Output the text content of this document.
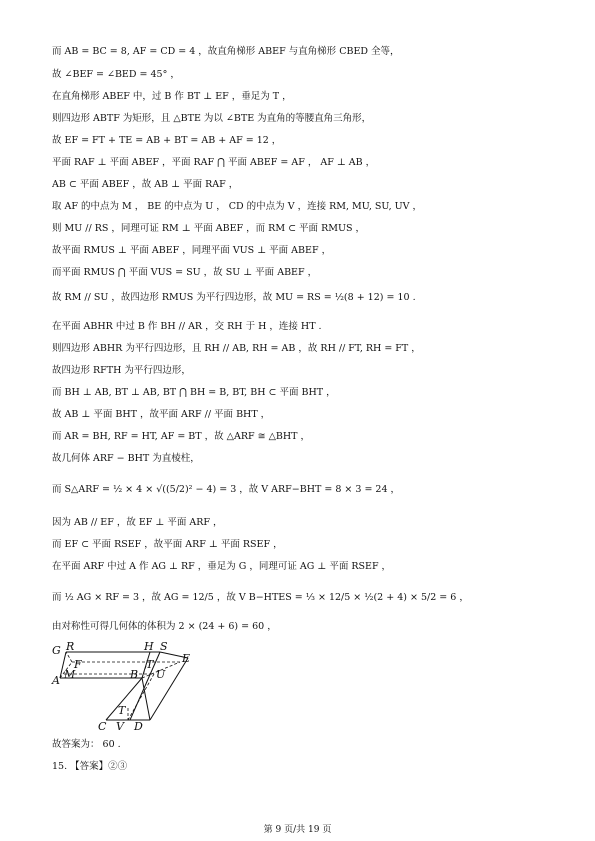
而 AB = BC = 8, AF = CD = 4 ，故直角梯形 ABEF 与直角梯形 CBED 全等，
故 ∠BEF = ∠BED = 45° ，
在直角梯形 ABEF 中，过 B 作 BT ⊥ EF ，垂足为 T ，
则四边形 ABTF 为矩形，且 △BTE 为以 ∠BTE 为直角的等腰直角三角形，
故 EF = FT + TE = AB + BT = AB + AF = 12 ，
平面 RAF ⊥ 平面 ABEF ，平面 RAF ⋂ 平面 ABEF = AF ， AF ⊥ AB ，
AB ⊂ 平面 ABEF ，故 AB ⊥ 平面 RAF ，
取 AF 的中点为 M ， BE 的中点为 U ， CD 的中点为 V ，连接 RM, MU, SU, UV ，
则 MU // RS ，同理可证 RM ⊥ 平面 ABEF ，而 RM ⊂ 平面 RMUS ，
故平面 RMUS ⊥ 平面 ABEF ，同理平面 VUS ⊥ 平面 ABEF ，
而平面 RMUS ⋂ 平面 VUS = SU ，故 SU ⊥ 平面 ABEF ，
故 RM // SU ，故四边形 RMUS 为平行四边形，故 MU = RS = ½(8 + 12) = 10 .
在平面 ABHR 中过 B 作 BH // AR ，交 RH 于 H ，连接 HT .
则四边形 ABHR 为平行四边形，且 RH // AB, RH = AB ，故 RH // FT, RH = FT ，
故四边形 RFTH 为平行四边形，
而 BH ⊥ AB, BT ⊥ AB, BT ⋂ BH = B, BT, BH ⊂ 平面 BHT ，
故 AB ⊥ 平面 BHT ，故平面 ARF // 平面 BHT ，
而 AR = BH, RF = HT, AF = BT ，故 △ARF ≅ △BHT ，
故几何体 ARF − BHT 为直棱柱，
而 S△ARF = ½ × 4 × √((5/2)² − 4) = 3 ，故 V ARF−BHT = 8 × 3 = 24 ，
因为 AB // EF ，故 EF ⊥ 平面 ARF ，
而 EF ⊂ 平面 RSEF ，故平面 ARF ⊥ 平面 RSEF ，
在平面 ARF 中过 A 作 AG ⊥ RF ，垂足为 G ，同理可证 AG ⊥ 平面 RSEF ，
而 ½ AG × RF = 3 ，故 AG = 12/5 ，故 V B−HTES = ⅓ × 12/5 × ½(2 + 4) × 5/2 = 6 ，
由对称性可得几何体的体积为 2 × (24 + 6) = 60 ，
G R	H S
E
F	T
B U
A M
C V D
T
故答案为： 60 .
15. 【答案】②③
第 9 页/共 19 页
